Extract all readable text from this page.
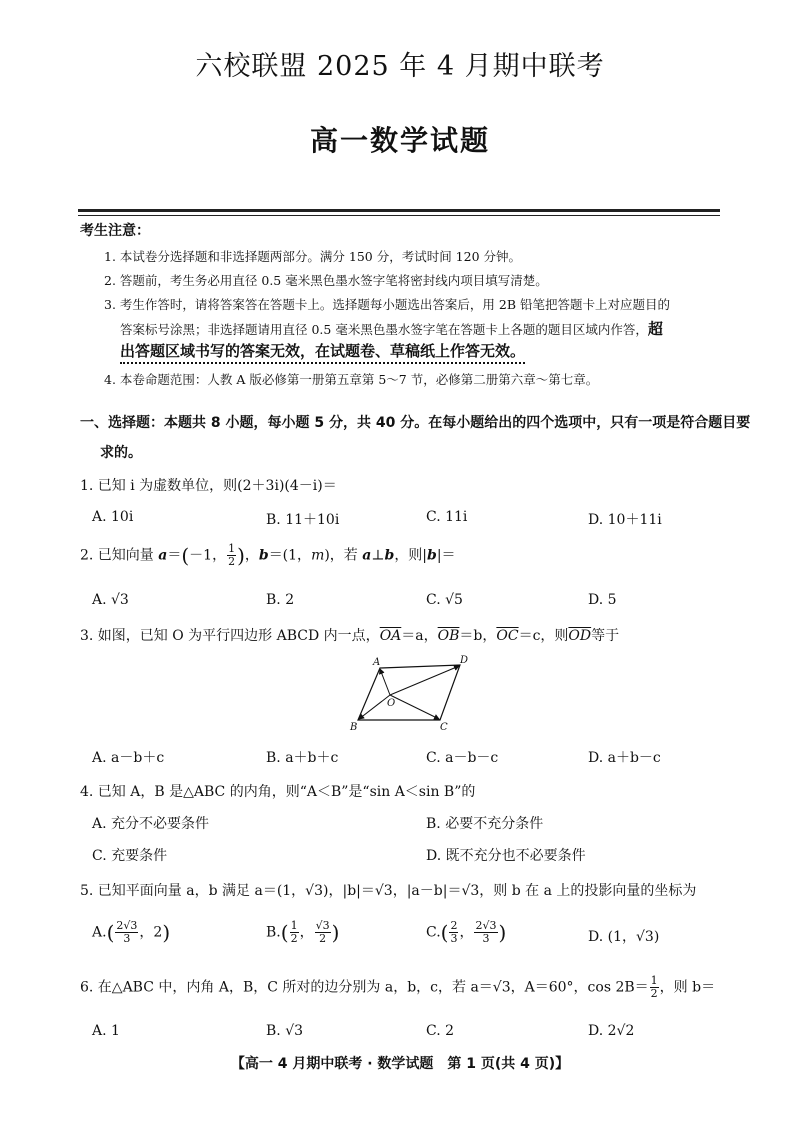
六校联盟 2025 年 4 月期中联考
高一数学试题
考生注意：
1. 本试卷分选择题和非选择题两部分。满分 150 分，考试时间 120 分钟。
2. 答题前，考生务必用直径 0.5 毫米黑色墨水签字笔将密封线内项目填写清楚。
3. 考生作答时，请将答案答在答题卡上。选择题每小题选出答案后，用 2B 铅笔把答题卡上对应题目的
答案标号涂黑；非选择题请用直径 0.5 毫米黑色墨水签字笔在答题卡上各题的题目区域内作答，超
出答题区域书写的答案无效，在试题卷、草稿纸上作答无效。
4. 本卷命题范围：人教 A 版必修第一册第五章第 5～7 节，必修第二册第六章～第七章。
一、选择题：本题共 8 小题，每小题 5 分，共 40 分。在每小题给出的四个选项中，只有一项是符合题目要
求的。
1. 已知 i 为虚数单位，则(2＋3i)(4－i)＝
A. 10i	B. 11＋10i	C. 11i	D. 10＋11i
2. 已知向量 a＝(－1， $\frac{1}{2}$ )，b＝(1，m)，若 a⊥b，则|b|＝
A. √3	B. 2	C. √5	D. 5
3. 如图，已知 O 为平行四边形 ABCD 内一点，$\overline{OA}=a$，$\overline{OB}=b$，$\overline{OC}=c$，则$\overline{OD}$等于
A	D
B	C
O
A. a－b＋c	B. a＋b＋c	C. a－b－c	D. a＋b－c
4. 已知 A，B 是△ABC 的内角，则“A＜B”是“sin A＜sin B”的
A. 充分不必要条件	B. 必要不充分条件
C. 充要条件	D. 既不充分也不必要条件
5. 已知平面向量 a，b 满足 a＝(1，√3)，|b|＝√3，|a－b|＝√3，则 b 在 a 上的投影向量的坐标为
$A.( \frac{2√3}{3}$ ，2)	$B.( \frac{1}{2}$ ， $\frac{√3}{2}$ )	$C.( \frac{2}{3}$ ， $\frac{2√3}{3}$ )	D. (1，√3)
6. 在△ABC 中，内角 A，B，C 所对的边分别为 a，b，c，若 a＝√3，A＝60°，$\cos 2B= \frac{1}{2}$ ，则 b＝
A. 1	B. √3	C. 2	D. 2√2
【高一 4 月期中联考 · 数学试题　第 1 页(共 4 页)】
